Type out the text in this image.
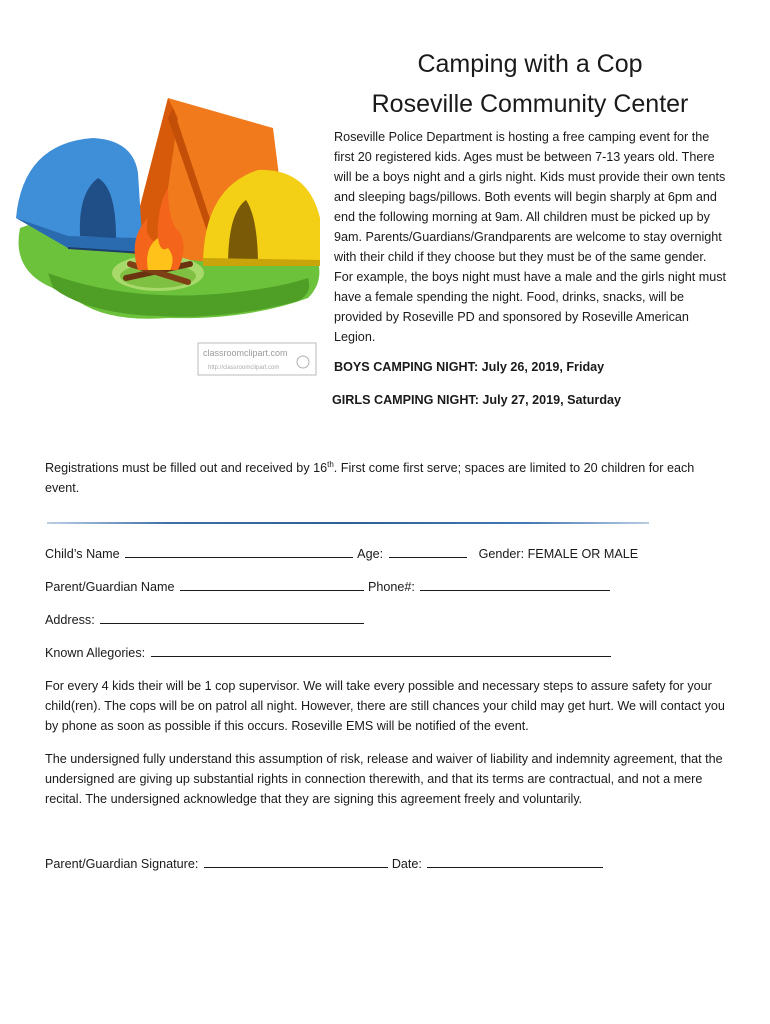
classroomclipart.com
http://classroomclipart.com
Camping with a Cop
Roseville Community Center

Roseville Police Department is hosting a free camping event for the first 20 registered kids. Ages must be between 7-13 years old. There will be a boys night and a girls night. Kids must provide their own tents and sleeping bags/pillows. Both events will begin sharply at 6pm and end the following morning at 9am. All children must be picked up by 9am. Parents/Guardians/Grandparents are welcome to stay overnight with their child if they choose but they must be of the same gender. For example, the boys night must have a male and the girls night must have a female spending the night. Food, drinks, snacks, will be provided by Roseville PD and sponsored by Roseville American Legion.

BOYS CAMPING NIGHT: July 26, 2019, Friday

GIRLS CAMPING NIGHT: July 27, 2019, Saturday

Registrations must be filled out and received by 16th. First come first serve; spaces are limited to 20 children for each event.

Child’s Name	Age:	Gender: FEMALE OR MALE

Parent/Guardian Name	Phone#:

Address:

Known Allegories:

For every 4 kids their will be 1 cop supervisor. We will take every possible and necessary steps to assure safety for your child(ren). The cops will be on patrol all night. However, there are still chances your child may get hurt. We will contact you by phone as soon as possible if this occurs. Roseville EMS will be notified of the event.

The undersigned fully understand this assumption of risk, release and waiver of liability and indemnity agreement, that the undersigned are giving up substantial rights in connection therewith, and that its terms are contractual, and not a mere recital. The undersigned acknowledge that they are signing this agreement freely and voluntarily.

Parent/Guardian Signature:	Date:
